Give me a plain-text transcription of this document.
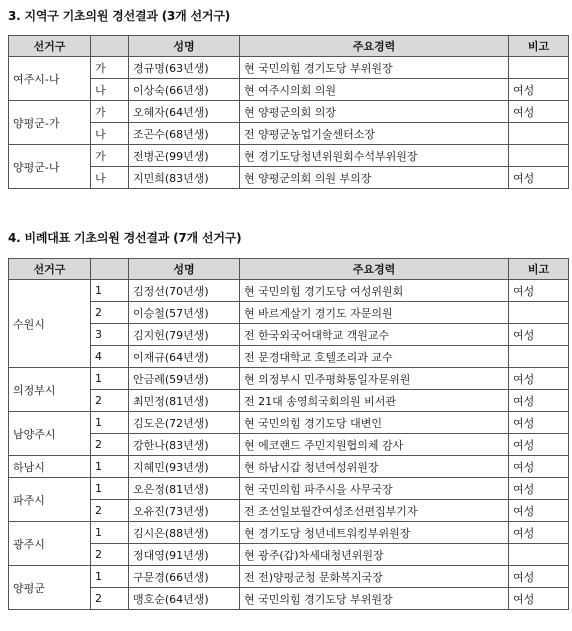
3. 지역구 기초의원 경선결과 (3개 선거구)
선거구		성명	주요경력	비고
여주시-나	가	경규명(63년생)	현 국민의힘 경기도당 부위원장	
	나	이상숙(66년생)	현 여주시의회 의원	여성
양평군-가	가	오혜자(64년생)	현 양평군의회 의장	여성
	나	조곤수(68년생)	전 양평군농업기술센터소장	
양평군-나	가	전병곤(99년생)	현 경기도당청년위원회수석부위원장	
	나	지민희(83년생)	현 양평군의회 의원 부의장	여성
4. 비례대표 기초의원 경선결과 (7개 선거구)
선거구		성명	주요경력	비고
수원시	1	김정선(70년생)	현 국민의힘 경기도당 여성위원회	여성
	2	이승철(57년생)	현 바르게살기 경기도 자문의원	
	3	김지헌(79년생)	전 한국외국어대학교 객원교수	여성
	4	이재규(64년생)	전 문경대학교 호텔조리과 교수	
의정부시	1	안금례(59년생)	현 의정부시 민주평화통일자문위원	여성
	2	최민정(81년생)	전 21대 송영희국회의원 비서관	여성
남양주시	1	김도은(72년생)	현 국민의힘 경기도당 대변인	여성
	2	강한나(83년생)	현 에코랜드 주민지원협의체 감사	여성
하남시	1	지혜민(93년생)	현 하남시갑 청년여성위원장	여성
파주시	1	오은정(81년생)	현 국민의힘 파주시을 사무국장	여성
	2	오유진(73년생)	전 조선일보월간여성조선편집부기자	여성
광주시	1	김시은(88년생)	현 경기도당 청년네트워킹부위원장	여성
	2	정대영(91년생)	현 광주(갑)차세대청년위원장	
양평군	1	구문경(66년생)	전 전)양평군청 문화복지국장	여성
	2	맹호순(64년생)	현 국민의힘 경기도당 부위원장	여성
